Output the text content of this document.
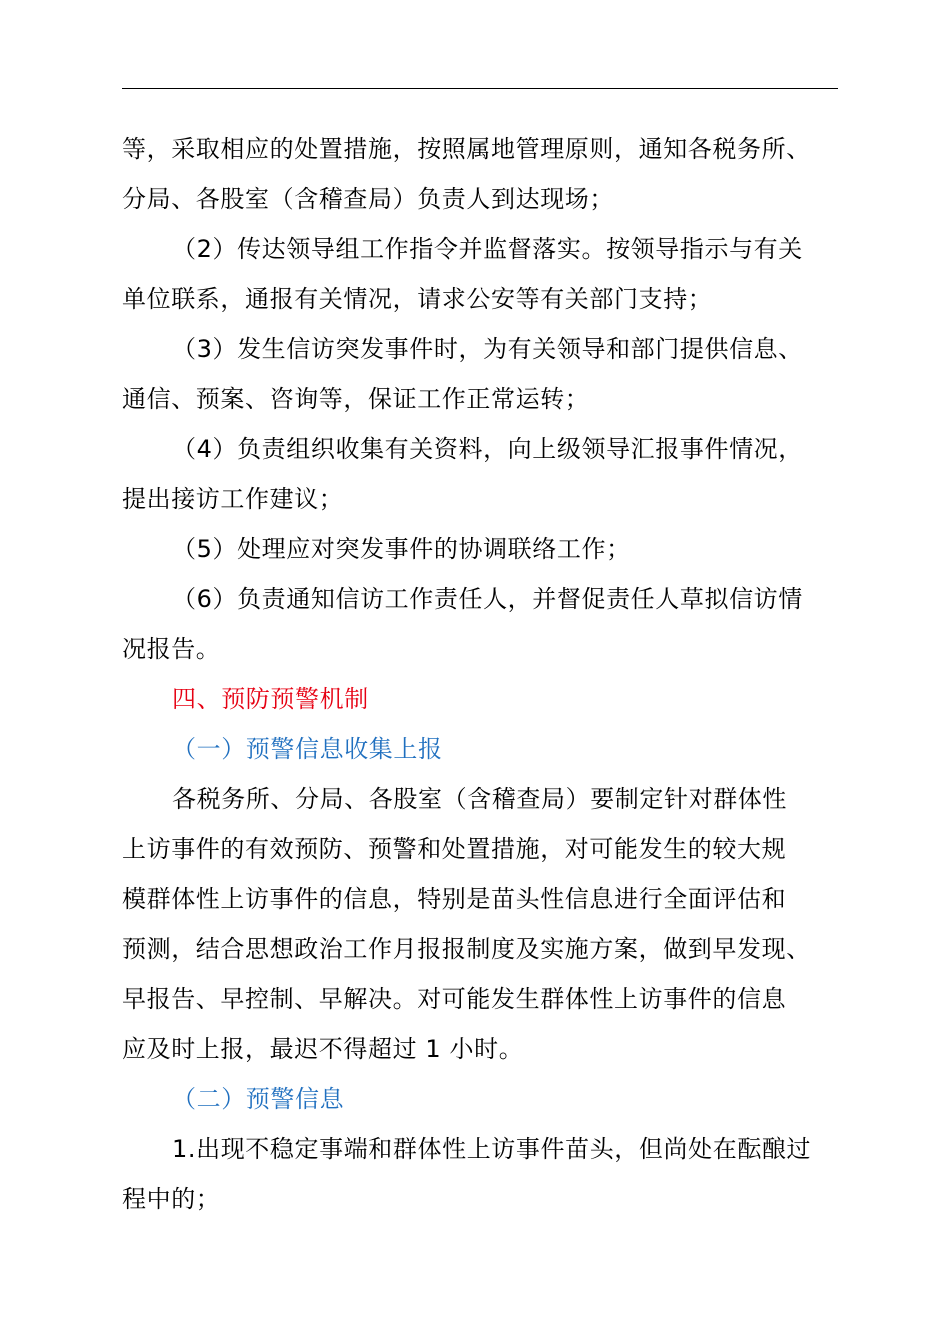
等，采取相应的处置措施，按照属地管理原则，通知各税务所、

分局、各股室（含稽查局）负责人到达现场；

（2）传达领导组工作指令并监督落实。按领导指示与有关

单位联系，通报有关情况，请求公安等有关部门支持；

（3）发生信访突发事件时，为有关领导和部门提供信息、

通信、预案、咨询等，保证工作正常运转；

（4）负责组织收集有关资料，向上级领导汇报事件情况，

提出接访工作建议；

（5）处理应对突发事件的协调联络工作；

（6）负责通知信访工作责任人，并督促责任人草拟信访情

况报告。

四、预防预警机制

（一）预警信息收集上报

各税务所、分局、各股室（含稽查局）要制定针对群体性

上访事件的有效预防、预警和处置措施，对可能发生的较大规

模群体性上访事件的信息，特别是苗头性信息进行全面评估和

预测，结合思想政治工作月报报制度及实施方案，做到早发现、

早报告、早控制、早解决。对可能发生群体性上访事件的信息

应及时上报，最迟不得超过 1 小时。

（二）预警信息

1.出现不稳定事端和群体性上访事件苗头，但尚处在酝酿过

程中的；
